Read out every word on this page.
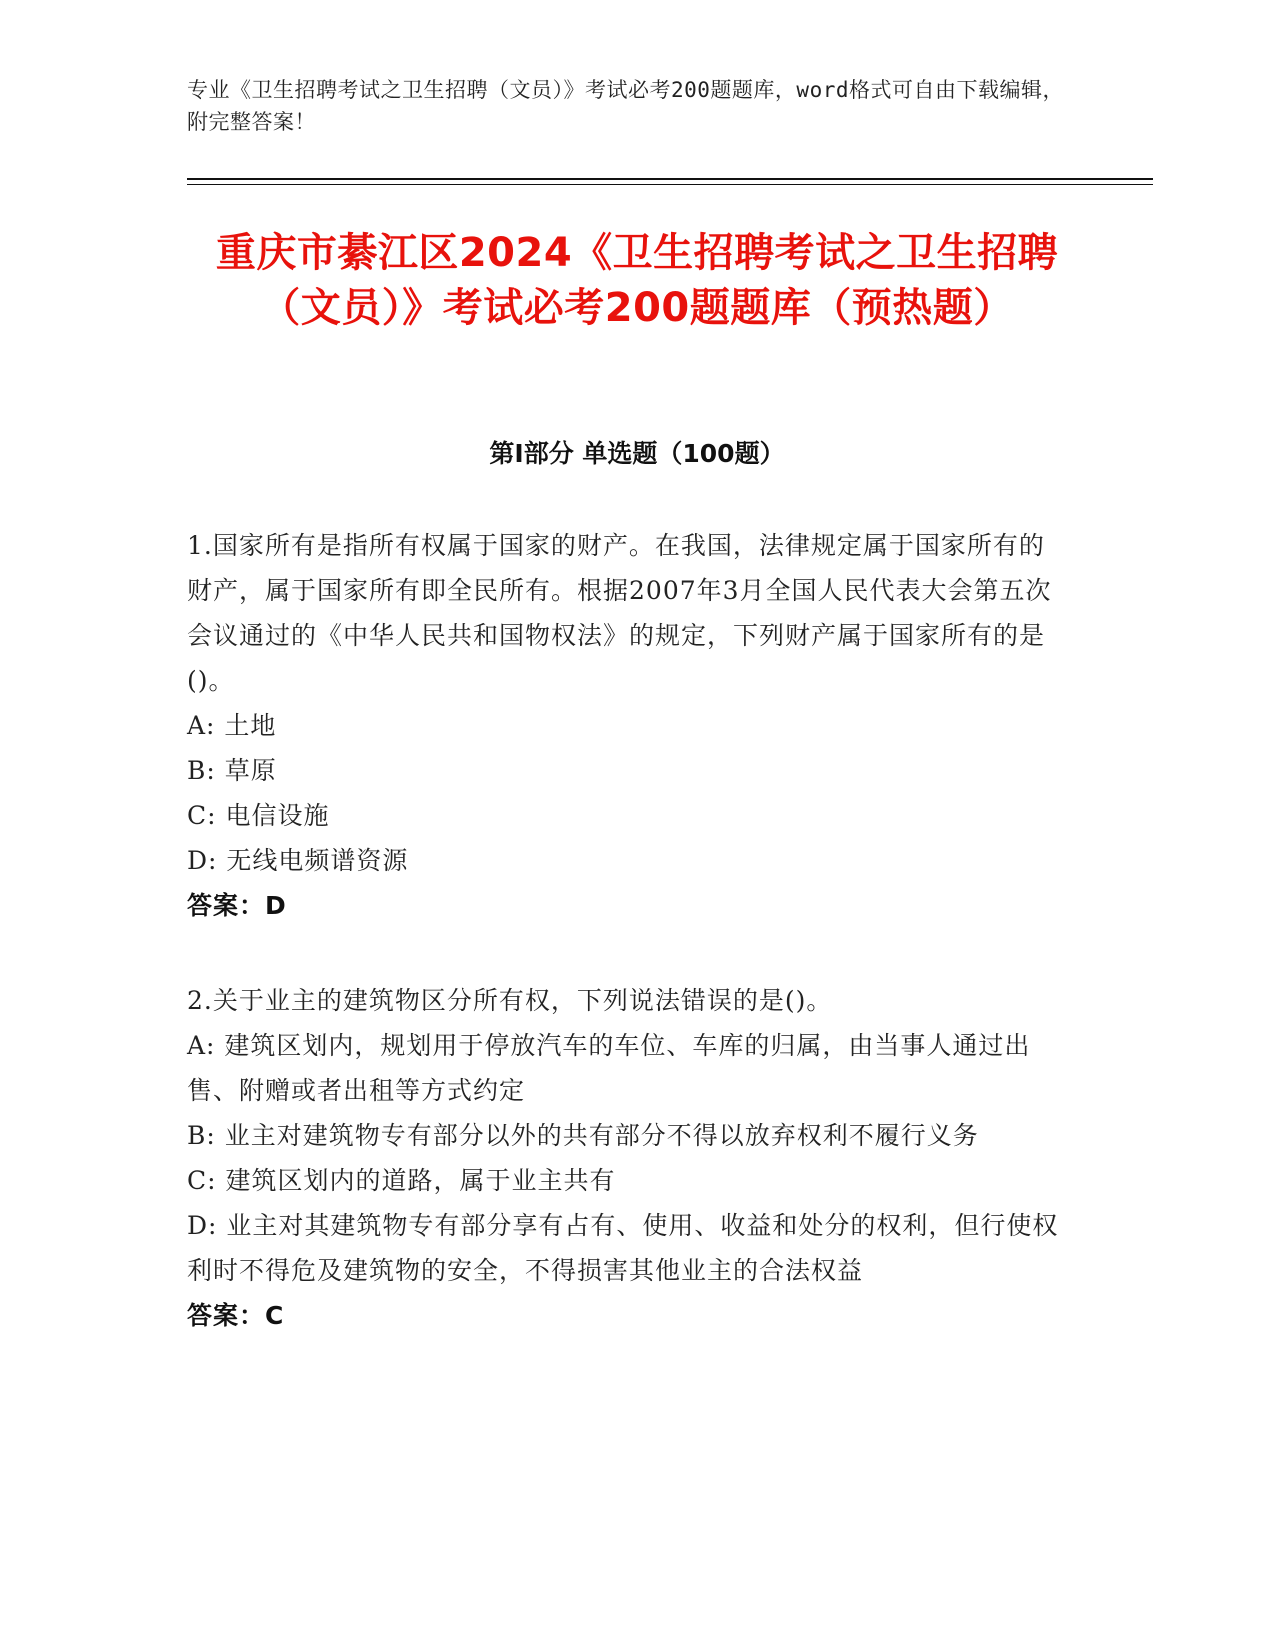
专业《卫生招聘考试之卫生招聘（文员）》考试必考200题题库，word格式可自由下载编辑，附完整答案！
重庆市綦江区2024《卫生招聘考试之卫生招聘（文员）》考试必考200题题库（预热题）
第Ⅰ部分 单选题（100题）

1.国家所有是指所有权属于国家的财产。在我国，法律规定属于国家所有的财产，属于国家所有即全民所有。根据2007年3月全国人民代表大会第五次会议通过的《中华人民共和国物权法》的规定，下列财产属于国家所有的是()。

A: 土地

B: 草原

C: 电信设施

D: 无线电频谱资源

答案：D

2.关于业主的建筑物区分所有权，下列说法错误的是()。

A: 建筑区划内，规划用于停放汽车的车位、车库的归属，由当事人通过出售、附赠或者出租等方式约定

B: 业主对建筑物专有部分以外的共有部分不得以放弃权利不履行义务

C: 建筑区划内的道路，属于业主共有

D: 业主对其建筑物专有部分享有占有、使用、收益和处分的权利，但行使权利时不得危及建筑物的安全，不得损害其他业主的合法权益

答案：C
